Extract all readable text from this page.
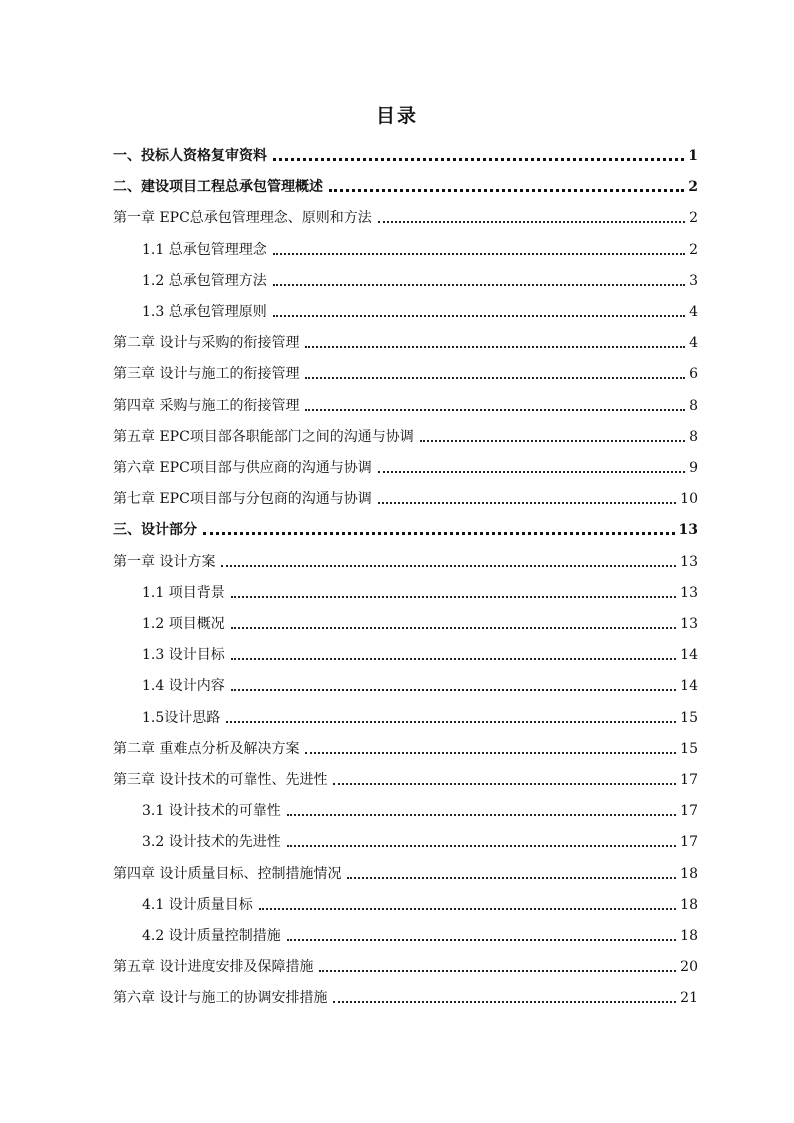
目录
一、投标人资格复审资料	1
二、建设项目工程总承包管理概述	2
第一章 EPC总承包管理理念、原则和方法	2
1.1 总承包管理理念	2
1.2 总承包管理方法	3
1.3 总承包管理原则	4
第二章 设计与采购的衔接管理	4
第三章 设计与施工的衔接管理	6
第四章 采购与施工的衔接管理	8
第五章 EPC项目部各职能部门之间的沟通与协调	8
第六章 EPC项目部与供应商的沟通与协调	9
第七章 EPC项目部与分包商的沟通与协调	10
三、设计部分	13
第一章 设计方案	13
1.1 项目背景	13
1.2 项目概况	13
1.3 设计目标	14
1.4 设计内容	14
1.5设计思路	15
第二章 重难点分析及解决方案	15
第三章 设计技术的可靠性、先进性	17
3.1 设计技术的可靠性	17
3.2 设计技术的先进性	17
第四章 设计质量目标、控制措施情况	18
4.1 设计质量目标	18
4.2 设计质量控制措施	18
第五章 设计进度安排及保障措施	20
第六章 设计与施工的协调安排措施	21
